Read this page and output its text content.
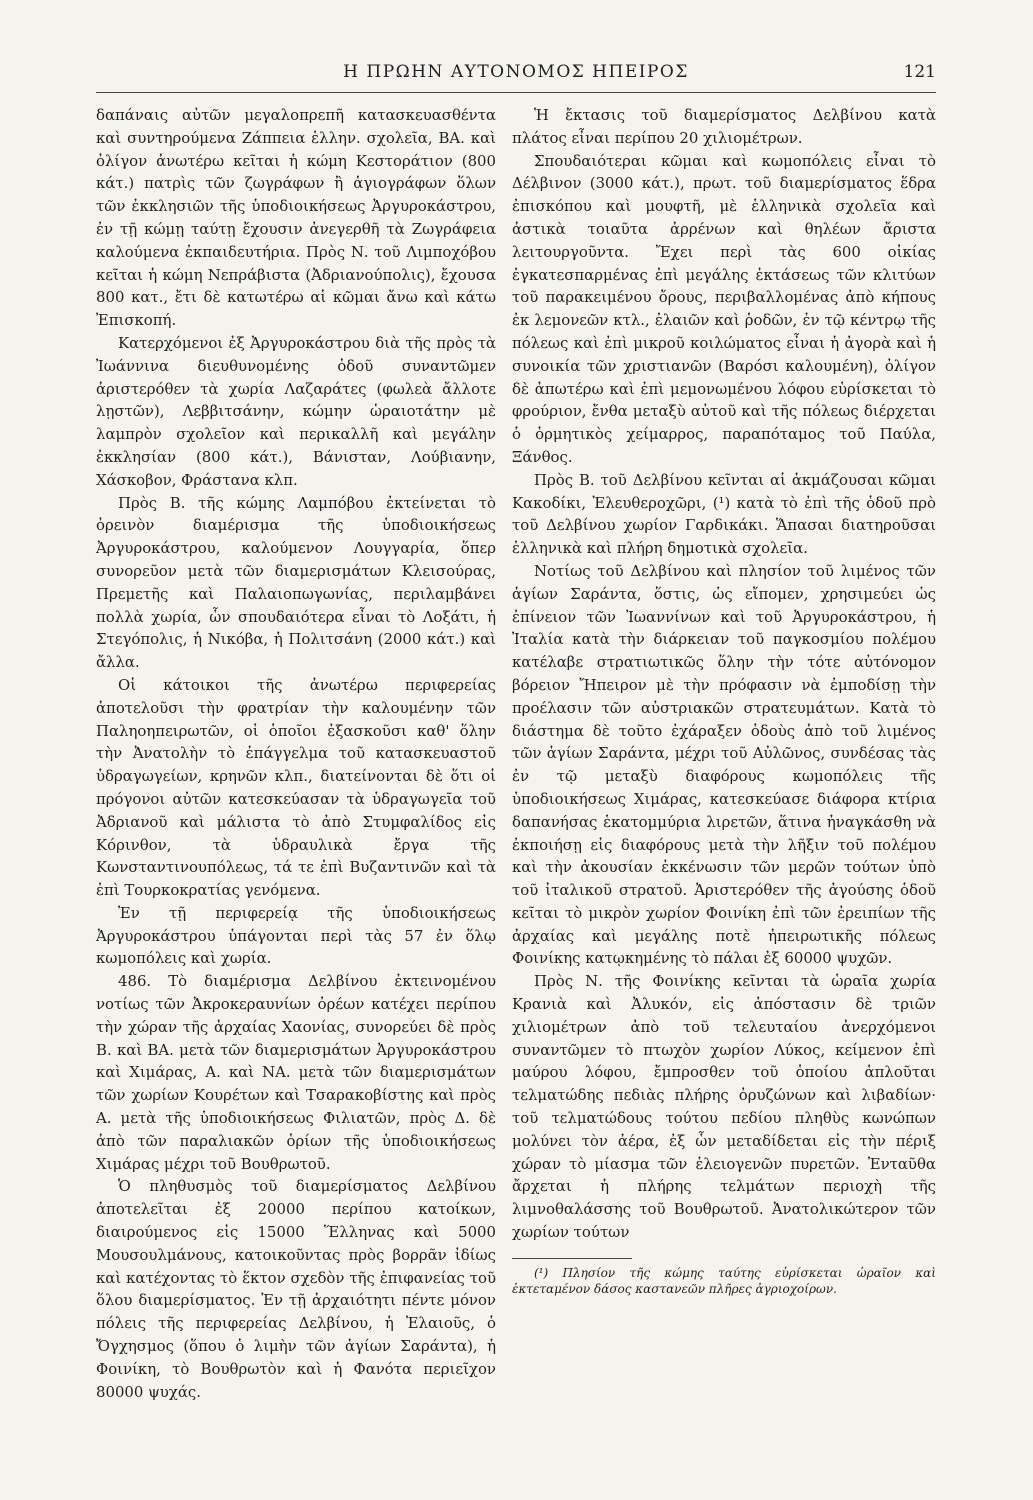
Η ΠΡΩΗΝ ΑΥΤΟΝΟΜΟΣ ΗΠΕΙΡΟΣ	121

δαπάναις αὐτῶν μεγαλοπρεπῆ κατασκευασθέντα καὶ συντηρούμενα Ζάππεια ἑλλην. σχολεῖα, ΒΑ. καὶ ὀλίγον ἀνωτέρω κεῖται ἡ κώμη Κεστοράτιον (800 κάτ.) πατρὶς τῶν ζωγράφων ἢ ἁγιογράφων ὅλων τῶν ἐκκλησιῶν τῆς ὑποδιοικήσεως Ἀργυροκάστρου, ἐν τῇ κώμῃ ταύτῃ ἔχουσιν ἀνεγερθῆ τὰ Ζωγράφεια καλούμενα ἐκπαιδευτήρια. Πρὸς Ν. τοῦ Λιμποχόβου κεῖται ἡ κώμη Νεπράβιστα (Ἀδριανούπολις), ἔχουσα 800 κατ., ἔτι δὲ κατωτέρω αἱ κῶμαι ἄνω καὶ κάτω Ἐπισκοπή.

Κατερχόμενοι ἐξ Ἀργυροκάστρου διὰ τῆς πρὸς τὰ Ἰωάννινα διευθυνομένης ὁδοῦ συναντῶμεν ἀριστερόθεν τὰ χωρία Λαζαράτες (φωλεὰ ἄλλοτε λῃστῶν), Λεββιτσάνην, κώμην ὡραιοτάτην μὲ λαμπρὸν σχολεῖον καὶ περικαλλῆ καὶ μεγάλην ἐκκλησίαν (800 κάτ.), Βάνισταν, Λούβιανην, Χάσκοβον, Φράστανα κλπ.

Πρὸς Β. τῆς κώμης Λαμπόβου ἐκτείνεται τὸ ὀρεινὸν διαμέρισμα τῆς ὑποδιοικήσεως Ἀργυροκάστρου, καλούμενον Λουγγαρία, ὅπερ συνορεῦον μετὰ τῶν διαμερισμάτων Κλεισούρας, Πρεμετῆς καὶ Παλαιοπωγωνίας, περιλαμβάνει πολλὰ χωρία, ὧν σπουδαιότερα εἶναι τὸ Λοξάτι, ἡ Στεγόπολις, ἡ Νικόβα, ἡ Πολιτσάνη (2000 κάτ.) καὶ ἄλλα.

Οἱ κάτοικοι τῆς ἀνωτέρω περιφερείας ἀποτελοῦσι τὴν φρατρίαν τὴν καλουμένην τῶν Παληοηπειρωτῶν, οἱ ὁποῖοι ἐξασκοῦσι καθ' ὅλην τὴν Ἀνατολὴν τὸ ἐπάγγελμα τοῦ κατασκευαστοῦ ὑδραγωγείων, κρηνῶν κλπ., διατείνονται δὲ ὅτι οἱ πρόγονοι αὐτῶν κατεσκεύασαν τὰ ὑδραγωγεῖα τοῦ Ἀδριανοῦ καὶ μάλιστα τὸ ἀπὸ Στυμφαλίδος εἰς Κόρινθον, τὰ ὑδραυλικὰ ἔργα τῆς Κωνσταντινουπόλεως, τά τε ἐπὶ Βυζαντινῶν καὶ τὰ ἐπὶ Τουρκοκρατίας γενόμενα.

Ἐν τῇ περιφερείᾳ τῆς ὑποδιοικήσεως Ἀργυροκάστρου ὑπάγονται περὶ τὰς 57 ἐν ὅλῳ κωμοπόλεις καὶ χωρία.

486. Τὸ διαμέρισμα Δελβίνου ἐκτεινομένου νοτίως τῶν Ἀκροκεραυνίων ὀρέων κατέχει περίπου τὴν χώραν τῆς ἀρχαίας Χαονίας, συνορεύει δὲ πρὸς Β. καὶ ΒΑ. μετὰ τῶν διαμερισμάτων Ἀργυροκάστρου καὶ Χιμάρας, Α. καὶ ΝΑ. μετὰ τῶν διαμερισμάτων τῶν χωρίων Κουρέτων καὶ Τσαρακοβίστης καὶ πρὸς Α. μετὰ τῆς ὑποδιοικήσεως Φιλιατῶν, πρὸς Δ. δὲ ἀπὸ τῶν παραλιακῶν ὁρίων τῆς ὑποδιοικήσεως Χιμάρας μέχρι τοῦ Βουθρωτοῦ.

Ὁ πληθυσμὸς τοῦ διαμερίσματος Δελβίνου ἀποτελεῖται ἐξ 20000 περίπου κατοίκων, διαιρούμενος εἰς 15000 Ἕλληνας καὶ 5000 Μουσουλμάνους, κατοικοῦντας πρὸς βορρᾶν ἰδίως καὶ κατέχοντας τὸ ἕκτον σχεδὸν τῆς ἐπιφανείας τοῦ ὅλου διαμερίσματος. Ἐν τῇ ἀρχαιότητι πέντε μόνον πόλεις τῆς περιφερείας Δελβίνου, ἡ Ἐλαιοῦς, ὁ Ὄγχησμος (ὅπου ὁ λιμὴν τῶν ἁγίων Σαράντα), ἡ Φοινίκη, τὸ Βουθρωτὸν καὶ ἡ Φανότα περιεῖχον 80000 ψυχάς.

Ἡ ἔκτασις τοῦ διαμερίσματος Δελβίνου κατὰ πλάτος εἶναι περίπου 20 χιλιομέτρων.

Σπουδαιότεραι κῶμαι καὶ κωμοπόλεις εἶναι τὸ Δέλβινον (3000 κάτ.), πρωτ. τοῦ διαμερίσματος ἕδρα ἐπισκόπου καὶ μουφτῆ, μὲ ἑλληνικὰ σχολεῖα καὶ ἀστικὰ τοιαῦτα ἀρρένων καὶ θηλέων ἄριστα λειτουργοῦντα. Ἔχει περὶ τὰς 600 οἰκίας ἐγκατεσπαρμένας ἐπὶ μεγάλης ἐκτάσεως τῶν κλιτύων τοῦ παρακειμένου ὄρους, περιβαλλομένας ἀπὸ κήπους ἐκ λεμονεῶν κτλ., ἐλαιῶν καὶ ῥοδῶν, ἐν τῷ κέντρῳ τῆς πόλεως καὶ ἐπὶ μικροῦ κοιλώματος εἶναι ἡ ἀγορὰ καὶ ἡ συνοικία τῶν χριστιανῶν (Βαρόσι καλουμένη), ὀλίγον δὲ ἀπωτέρω καὶ ἐπὶ μεμονωμένου λόφου εὑρίσκεται τὸ φρούριον, ἔνθα μεταξὺ αὐτοῦ καὶ τῆς πόλεως διέρχεται ὁ ὁρμητικὸς χείμαρρος, παραπόταμος τοῦ Παύλα, Ξάνθος.

Πρὸς Β. τοῦ Δελβίνου κεῖνται αἱ ἀκμάζουσαι κῶμαι Κακοδίκι, Ἐλευθεροχῶρι, (¹) κατὰ τὸ ἐπὶ τῆς ὁδοῦ πρὸ τοῦ Δελβίνου χωρίον Γαρδικάκι. Ἅπασαι διατηροῦσαι ἑλληνικὰ καὶ πλήρη δημοτικὰ σχολεῖα.

Νοτίως τοῦ Δελβίνου καὶ πλησίον τοῦ λιμένος τῶν ἁγίων Σαράντα, ὅστις, ὡς εἴπομεν, χρησιμεύει ὡς ἐπίνειον τῶν Ἰωαννίνων καὶ τοῦ Ἀργυροκάστρου, ἡ Ἰταλία κατὰ τὴν διάρκειαν τοῦ παγκοσμίου πολέμου κατέλαβε στρατιωτικῶς ὅλην τὴν τότε αὐτόνομον βόρειον Ἤπειρον μὲ τὴν πρόφασιν νὰ ἐμποδίσῃ τὴν προέλασιν τῶν αὐστριακῶν στρατευμάτων. Κατὰ τὸ διάστημα δὲ τοῦτο ἐχάραξεν ὁδοὺς ἀπὸ τοῦ λιμένος τῶν ἁγίων Σαράντα, μέχρι τοῦ Αὐλῶνος, συνδέσας τὰς ἐν τῷ μεταξὺ διαφόρους κωμοπόλεις τῆς ὑποδιοικήσεως Χιμάρας, κατεσκεύασε διάφορα κτίρια δαπανήσας ἑκατομμύρια λιρετῶν, ἅτινα ἠναγκάσθη νὰ ἐκποιήσῃ εἰς διαφόρους μετὰ τὴν λῆξιν τοῦ πολέμου καὶ τὴν ἀκουσίαν ἐκκένωσιν τῶν μερῶν τούτων ὑπὸ τοῦ ἰταλικοῦ στρατοῦ. Ἀριστερόθεν τῆς ἀγούσης ὁδοῦ κεῖται τὸ μικρὸν χωρίον Φοινίκη ἐπὶ τῶν ἐρειπίων τῆς ἀρχαίας καὶ μεγάλης ποτὲ ἠπειρωτικῆς πόλεως Φοινίκης κατῳκημένης τὸ πάλαι ἐξ 60000 ψυχῶν.

Πρὸς Ν. τῆς Φοινίκης κεῖνται τὰ ὡραῖα χωρία Κρανιὰ καὶ Ἀλυκόν, εἰς ἀπόστασιν δὲ τριῶν χιλιομέτρων ἀπὸ τοῦ τελευταίου ἀνερχόμενοι συναντῶμεν τὸ πτωχὸν χωρίον Λύκος, κείμενον ἐπὶ μαύρου λόφου, ἔμπροσθεν τοῦ ὁποίου ἁπλοῦται τελματώδης πεδιὰς πλήρης ὀρυζώνων καὶ λιβαδίων· τοῦ τελματώδους τούτου πεδίου πληθὺς κωνώπων μολύνει τὸν ἀέρα, ἐξ ὧν μεταδίδεται εἰς τὴν πέριξ χώραν τὸ μίασμα τῶν ἑλειογενῶν πυρετῶν. Ἐνταῦθα ἄρχεται ἡ πλήρης τελμάτων περιοχὴ τῆς λιμνοθαλάσσης τοῦ Βουθρωτοῦ. Ἀνατολικώτερον τῶν χωρίων τούτων

(¹) Πλησίον τῆς κώμης ταύτης εὑρίσκεται ὡραῖον καὶ ἐκτεταμένον δάσος καστανεῶν πλῆρες ἀγριοχοίρων.
